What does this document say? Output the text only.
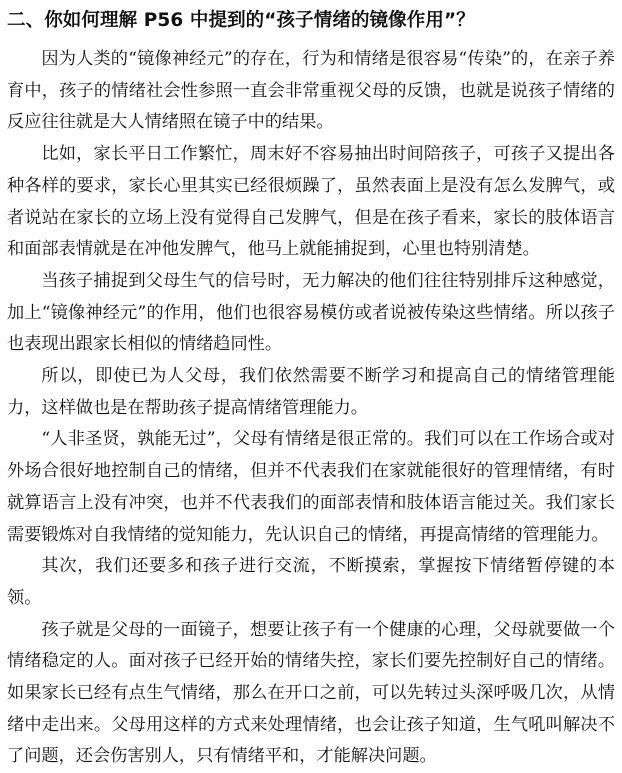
二、你如何理解 P56 中提到的“孩子情绪的镜像作用”？

因为人类的“镜像神经元”的存在，行为和情绪是很容易“传染”的，在亲子养育中，孩子的情绪社会性参照一直会非常重视父母的反馈，也就是说孩子情绪的反应往往就是大人情绪照在镜子中的结果。

比如，家长平日工作繁忙，周末好不容易抽出时间陪孩子，可孩子又提出各种各样的要求，家长心里其实已经很烦躁了，虽然表面上是没有怎么发脾气，或者说站在家长的立场上没有觉得自己发脾气，但是在孩子看来，家长的肢体语言和面部表情就是在冲他发脾气，他马上就能捕捉到，心里也特别清楚。

当孩子捕捉到父母生气的信号时，无力解决的他们往往特别排斥这种感觉，加上“镜像神经元”的作用，他们也很容易模仿或者说被传染这些情绪。所以孩子也表现出跟家长相似的情绪趋同性。

所以，即使已为人父母，我们依然需要不断学习和提高自己的情绪管理能力，这样做也是在帮助孩子提高情绪管理能力。

“人非圣贤，孰能无过”，父母有情绪是很正常的。我们可以在工作场合或对外场合很好地控制自己的情绪，但并不代表我们在家就能很好的管理情绪，有时就算语言上没有冲突，也并不代表我们的面部表情和肢体语言能过关。我们家长需要锻炼对自我情绪的觉知能力，先认识自己的情绪，再提高情绪的管理能力。

其次，我们还要多和孩子进行交流，不断摸索，掌握按下情绪暂停键的本领。

孩子就是父母的一面镜子，想要让孩子有一个健康的心理，父母就要做一个情绪稳定的人。面对孩子已经开始的情绪失控，家长们要先控制好自己的情绪。如果家长已经有点生气情绪，那么在开口之前，可以先转过头深呼吸几次，从情绪中走出来。父母用这样的方式来处理情绪，也会让孩子知道，生气吼叫解决不了问题，还会伤害别人，只有情绪平和，才能解决问题。
